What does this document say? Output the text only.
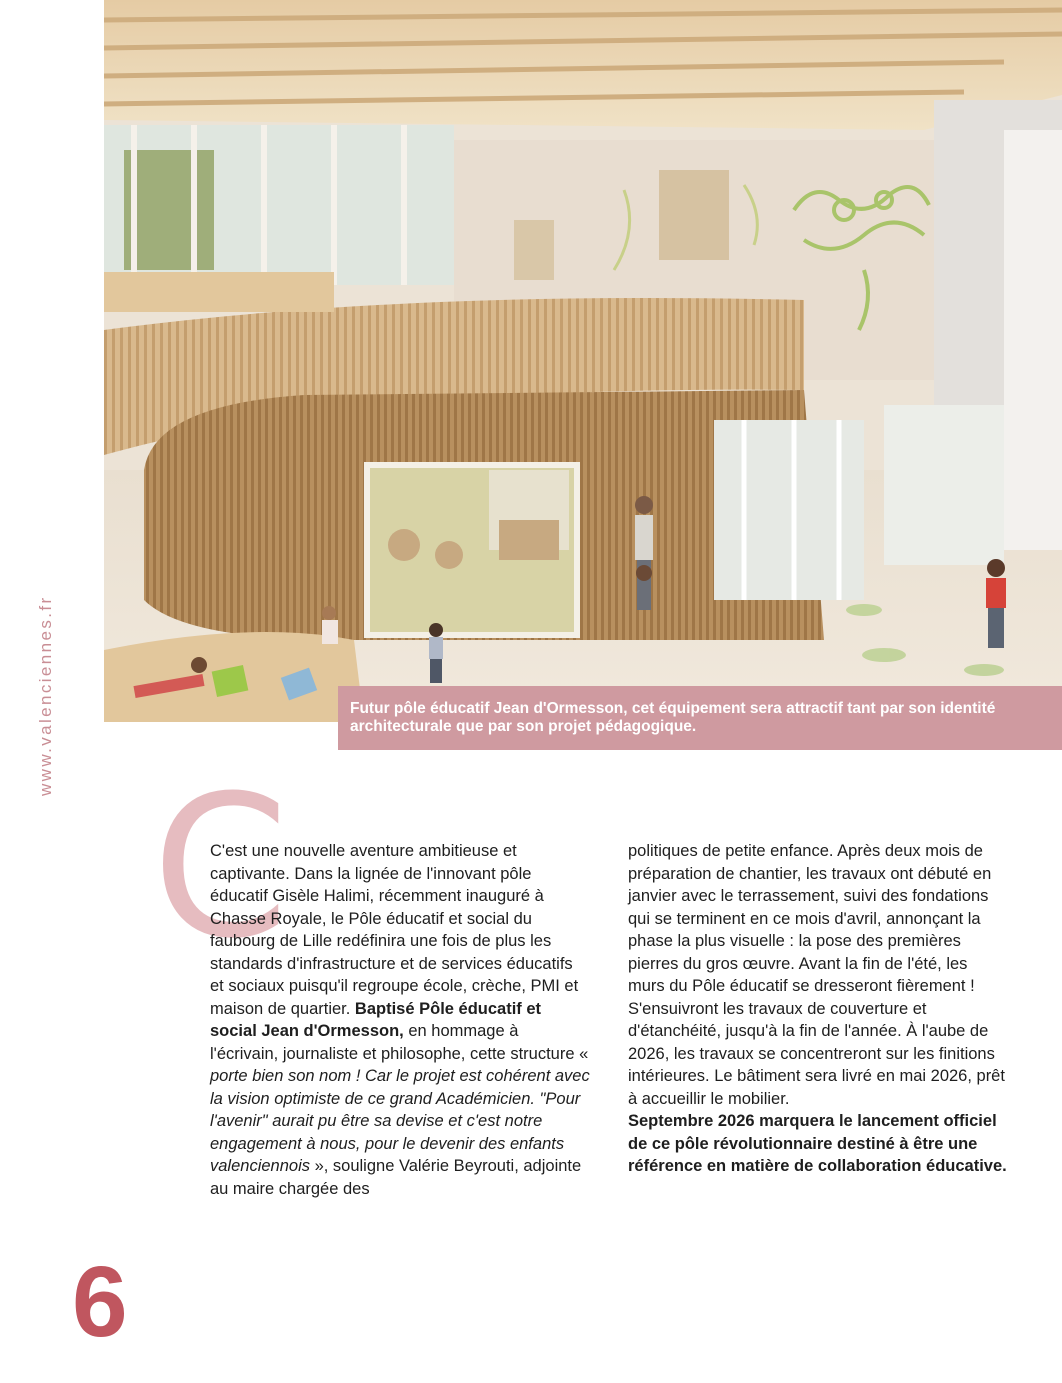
Futur pôle éducatif Jean d'Ormesson, cet équipement sera attractif tant par son identité architecturale que par son projet pédagogique.
www.valenciennes.fr
C
C'est une nouvelle aventure ambitieuse et captivante. Dans la lignée de l'innovant pôle éducatif Gisèle Halimi, récemment inauguré à Chasse Royale, le Pôle éducatif et social du faubourg de Lille redéfinira une fois de plus les standards d'infrastructure et de services éducatifs et sociaux puisqu'il regroupe école, crèche, PMI et maison de quartier. Baptisé Pôle éducatif et social Jean d'Ormesson, en hommage à l'écrivain, journaliste et philosophe, cette structure « porte bien son nom ! Car le projet est cohérent avec la vision optimiste de ce grand Académicien. "Pour l'avenir" aurait pu être sa devise et c'est notre engagement à nous, pour le devenir des enfants valenciennois », souligne Valérie Beyrouti, adjointe au maire chargée des
politiques de petite enfance. Après deux mois de préparation de chantier, les travaux ont débuté en janvier avec le terrassement, suivi des fondations qui se terminent en ce mois d'avril, annonçant la phase la plus visuelle : la pose des premières pierres du gros œuvre. Avant la fin de l'été, les murs du Pôle éducatif se dresseront fièrement !
S'ensuivront les travaux de couverture et d'étanchéité, jusqu'à la fin de l'année. À l'aube de 2026, les travaux se concentreront sur les finitions intérieures. Le bâtiment sera livré en mai 2026, prêt à accueillir le mobilier.
Septembre 2026 marquera le lancement officiel de ce pôle révolutionnaire destiné à être une référence en matière de collaboration éducative.
6
